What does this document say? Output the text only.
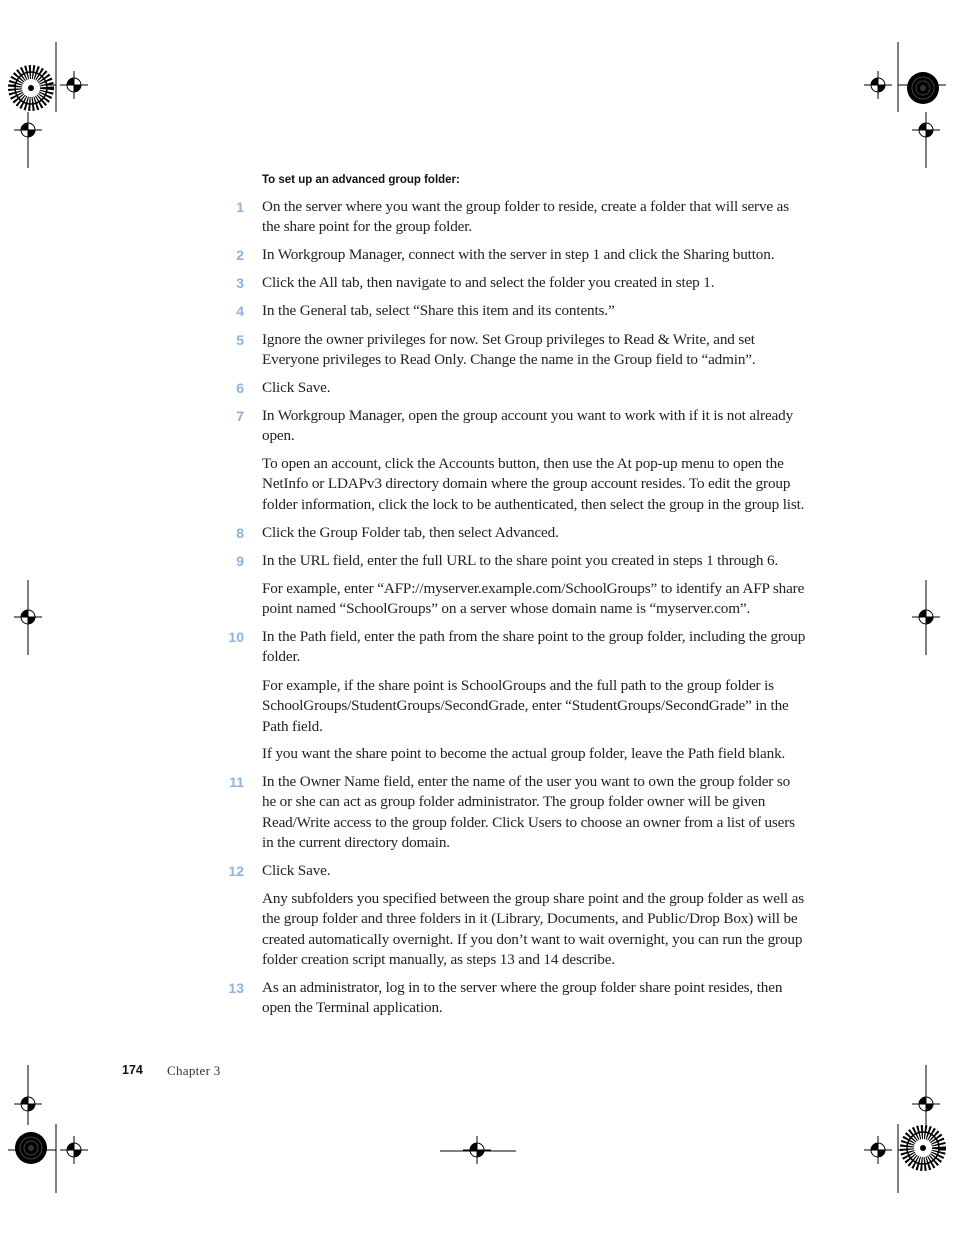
To set up an advanced group folder:
1 On the server where you want the group folder to reside, create a folder that will serve as the share point for the group folder.
2 In Workgroup Manager, connect with the server in step 1 and click the Sharing button.
3 Click the All tab, then navigate to and select the folder you created in step 1.
4 In the General tab, select “Share this item and its contents.”
5 Ignore the owner privileges for now. Set Group privileges to Read & Write, and set Everyone privileges to Read Only. Change the name in the Group field to “admin”.
6 Click Save.
7 In Workgroup Manager, open the group account you want to work with if it is not already open.
To open an account, click the Accounts button, then use the At pop-up menu to open the NetInfo or LDAPv3 directory domain where the group account resides. To edit the group folder information, click the lock to be authenticated, then select the group in the group list.
8 Click the Group Folder tab, then select Advanced.
9 In the URL field, enter the full URL to the share point you created in steps 1 through 6.
For example, enter “AFP://myserver.example.com/SchoolGroups” to identify an AFP share point named “SchoolGroups” on a server whose domain name is “myserver.com”.
10 In the Path field, enter the path from the share point to the group folder, including the group folder.
For example, if the share point is SchoolGroups and the full path to the group folder is SchoolGroups/StudentGroups/SecondGrade, enter “StudentGroups/SecondGrade” in the Path field.
If you want the share point to become the actual group folder, leave the Path field blank.
11 In the Owner Name field, enter the name of the user you want to own the group folder so he or she can act as group folder administrator. The group folder owner will be given Read/Write access to the group folder. Click Users to choose an owner from a list of users in the current directory domain.
12 Click Save.
Any subfolders you specified between the group share point and the group folder as well as the group folder and three folders in it (Library, Documents, and Public/Drop Box) will be created automatically overnight. If you don’t want to wait overnight, you can run the group folder creation script manually, as steps 13 and 14 describe.
13 As an administrator, log in to the server where the group folder share point resides, then open the Terminal application.
174 Chapter 3
